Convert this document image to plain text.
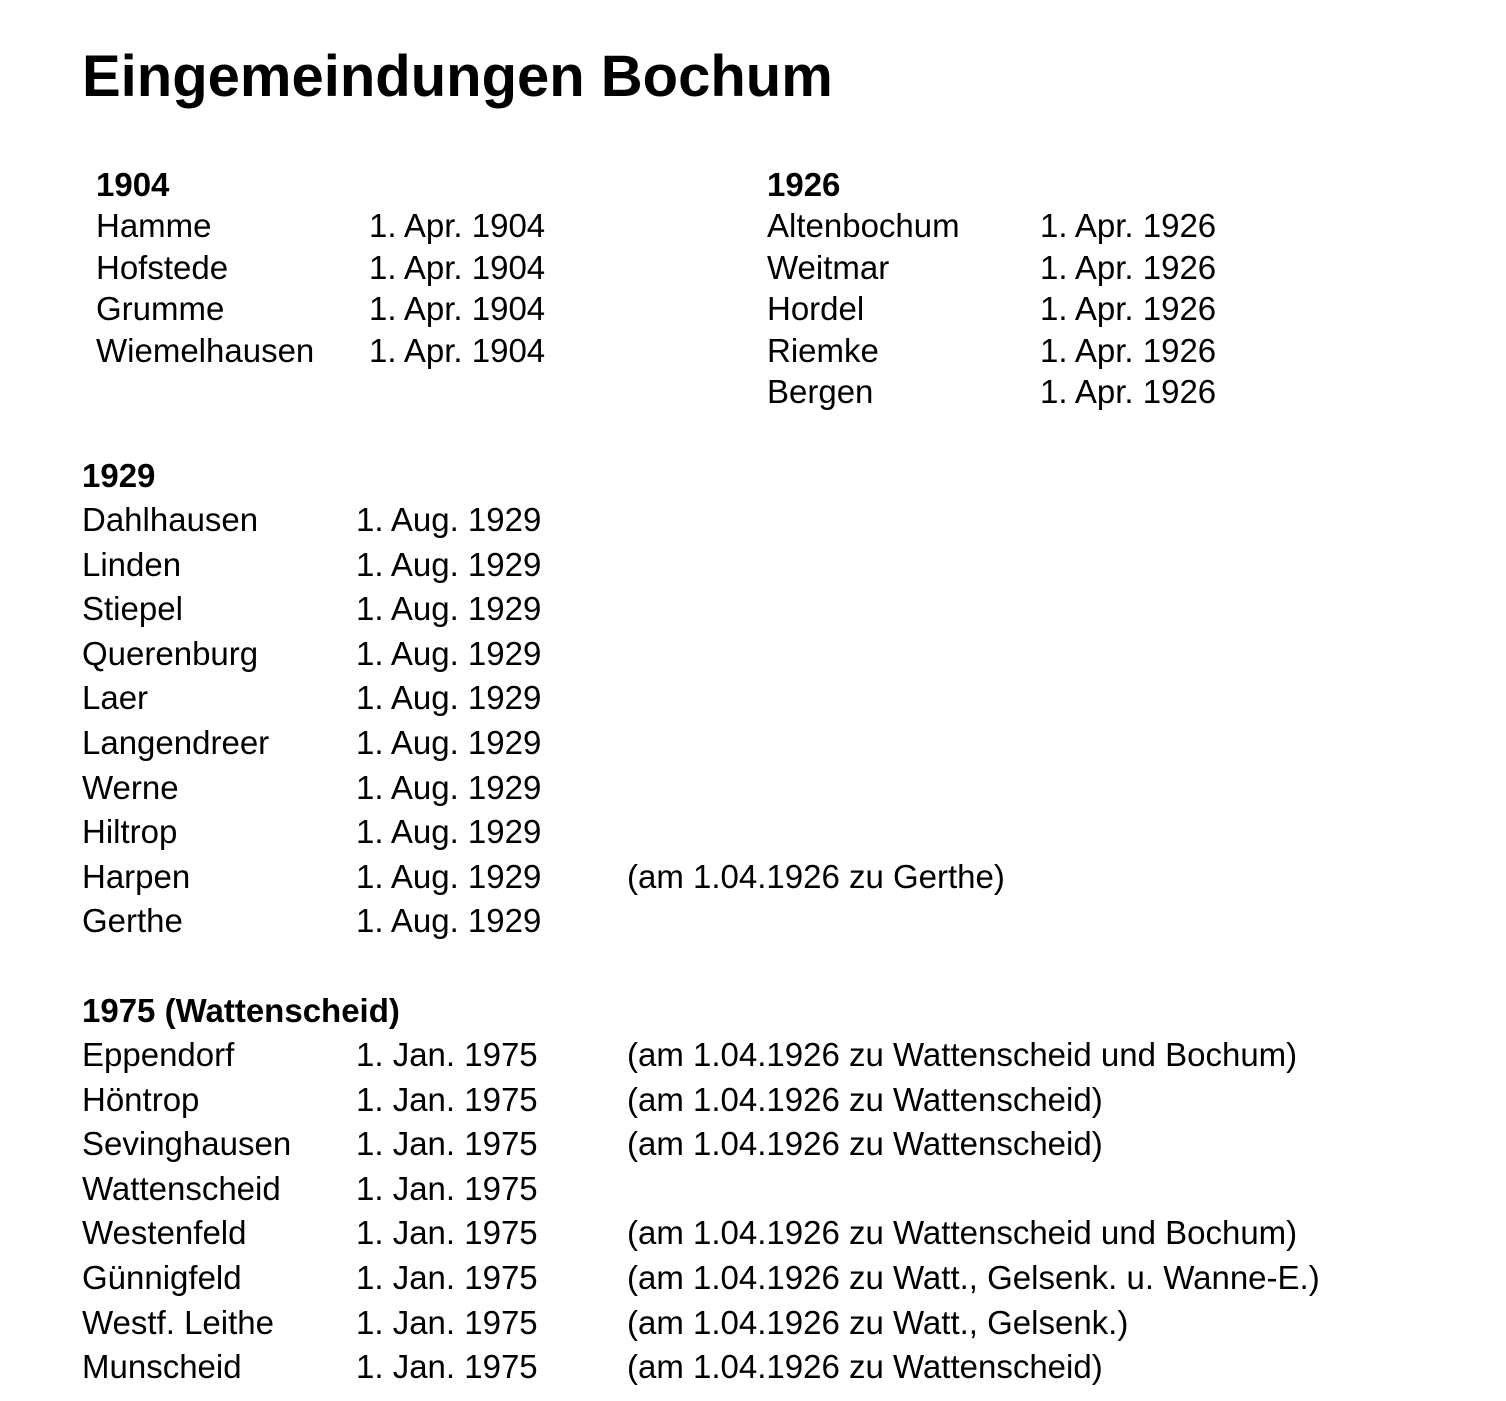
Eingemeindungen Bochum
1904
Hamme	1. Apr. 1904
Hofstede	1. Apr. 1904
Grumme	1. Apr. 1904
Wiemelhausen 1. Apr. 1904
1926
Altenbochum 1. Apr. 1926
Weitmar	1. Apr. 1926
Hordel	1. Apr. 1926
Riemke	1. Apr. 1926
Bergen	1. Apr. 1926
1929
Dahlhausen	1. Aug. 1929
Linden	1. Aug. 1929
Stiepel	1. Aug. 1929
Querenburg	1. Aug. 1929
Laer	1. Aug. 1929
Langendreer	1. Aug. 1929
Werne	1. Aug. 1929
Hiltrop	1. Aug. 1929
Harpen	1. Aug. 1929	(am 1.04.1926 zu Gerthe)
Gerthe	1. Aug. 1929
1975 (Wattenscheid)
Eppendorf	1. Jan. 1975	(am 1.04.1926 zu Wattenscheid und Bochum)
Höntrop	1. Jan. 1975	(am 1.04.1926 zu Wattenscheid)
Sevinghausen 1. Jan. 1975	(am 1.04.1926 zu Wattenscheid)
Wattenscheid 1. Jan. 1975
Westenfeld	1. Jan. 1975	(am 1.04.1926 zu Wattenscheid und Bochum)
Günnigfeld	1. Jan. 1975	(am 1.04.1926 zu Watt., Gelsenk. u. Wanne-E.)
Westf. Leithe 1. Jan. 1975	(am 1.04.1926 zu Watt., Gelsenk.)
Munscheid	1. Jan. 1975	(am 1.04.1926 zu Wattenscheid)
